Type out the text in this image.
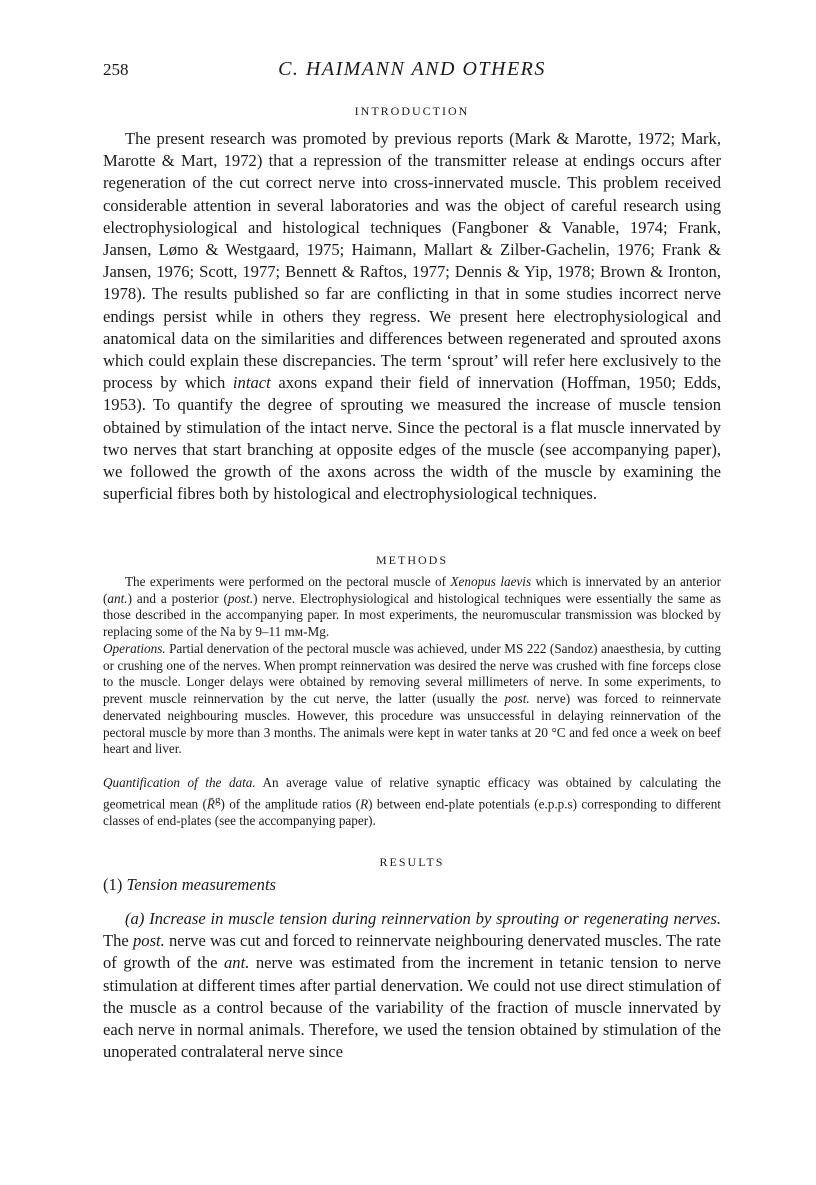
258	C. HAIMANN AND OTHERS
INTRODUCTION

The present research was promoted by previous reports (Mark & Marotte, 1972; Mark, Marotte & Mart, 1972) that a repression of the transmitter release at endings occurs after regeneration of the cut correct nerve into cross-innervated muscle. This problem received considerable attention in several laboratories and was the object of careful research using electrophysiological and histological techniques (Fangboner & Vanable, 1974; Frank, Jansen, Lømo & Westgaard, 1975; Haimann, Mallart & Zilber-Gachelin, 1976; Frank & Jansen, 1976; Scott, 1977; Bennett & Raftos, 1977; Dennis & Yip, 1978; Brown & Ironton, 1978). The results published so far are conflicting in that in some studies incorrect nerve endings persist while in others they regress. We present here electrophysiological and anatomical data on the similarities and differences between regenerated and sprouted axons which could explain these discrepancies. The term ‘sprout’ will refer here exclusively to the process by which intact axons expand their field of innervation (Hoffman, 1950; Edds, 1953). To quantify the degree of sprouting we measured the increase of muscle tension obtained by stimulation of the intact nerve. Since the pectoral is a flat muscle innervated by two nerves that start branching at opposite edges of the muscle (see accompanying paper), we followed the growth of the axons across the width of the muscle by examining the superficial fibres both by histological and electrophysiological techniques.

METHODS

The experiments were performed on the pectoral muscle of Xenopus laevis which is innervated by an anterior (ant.) and a posterior (post.) nerve. Electrophysiological and histological techniques were essentially the same as those described in the accompanying paper. In most experiments, the neuromuscular transmission was blocked by replacing some of the Na by 9–11 mᴍ-Mg.

Operations. Partial denervation of the pectoral muscle was achieved, under MS 222 (Sandoz) anaesthesia, by cutting or crushing one of the nerves. When prompt reinnervation was desired the nerve was crushed with fine forceps close to the muscle. Longer delays were obtained by removing several millimeters of nerve. In some experiments, to prevent muscle reinnervation by the cut nerve, the latter (usually the post. nerve) was forced to reinnervate denervated neighbouring muscles. However, this procedure was unsuccessful in delaying reinnervation of the pectoral muscle by more than 3 months. The animals were kept in water tanks at 20 °C and fed once a week on beef heart and liver.

Quantification of the data. An average value of relative synaptic efficacy was obtained by calculating the geometrical mean (R̄$^g$) of the amplitude ratios (R) between end-plate potentials (e.p.p.s) corresponding to different classes of end-plates (see the accompanying paper).

RESULTS
(1) Tension measurements

(a) Increase in muscle tension during reinnervation by sprouting or regenerating nerves. The post. nerve was cut and forced to reinnervate neighbouring denervated muscles. The rate of growth of the ant. nerve was estimated from the increment in tetanic tension to nerve stimulation at different times after partial denervation. We could not use direct stimulation of the muscle as a control because of the variability of the fraction of muscle innervated by each nerve in normal animals. Therefore, we used the tension obtained by stimulation of the unoperated contralateral nerve since
